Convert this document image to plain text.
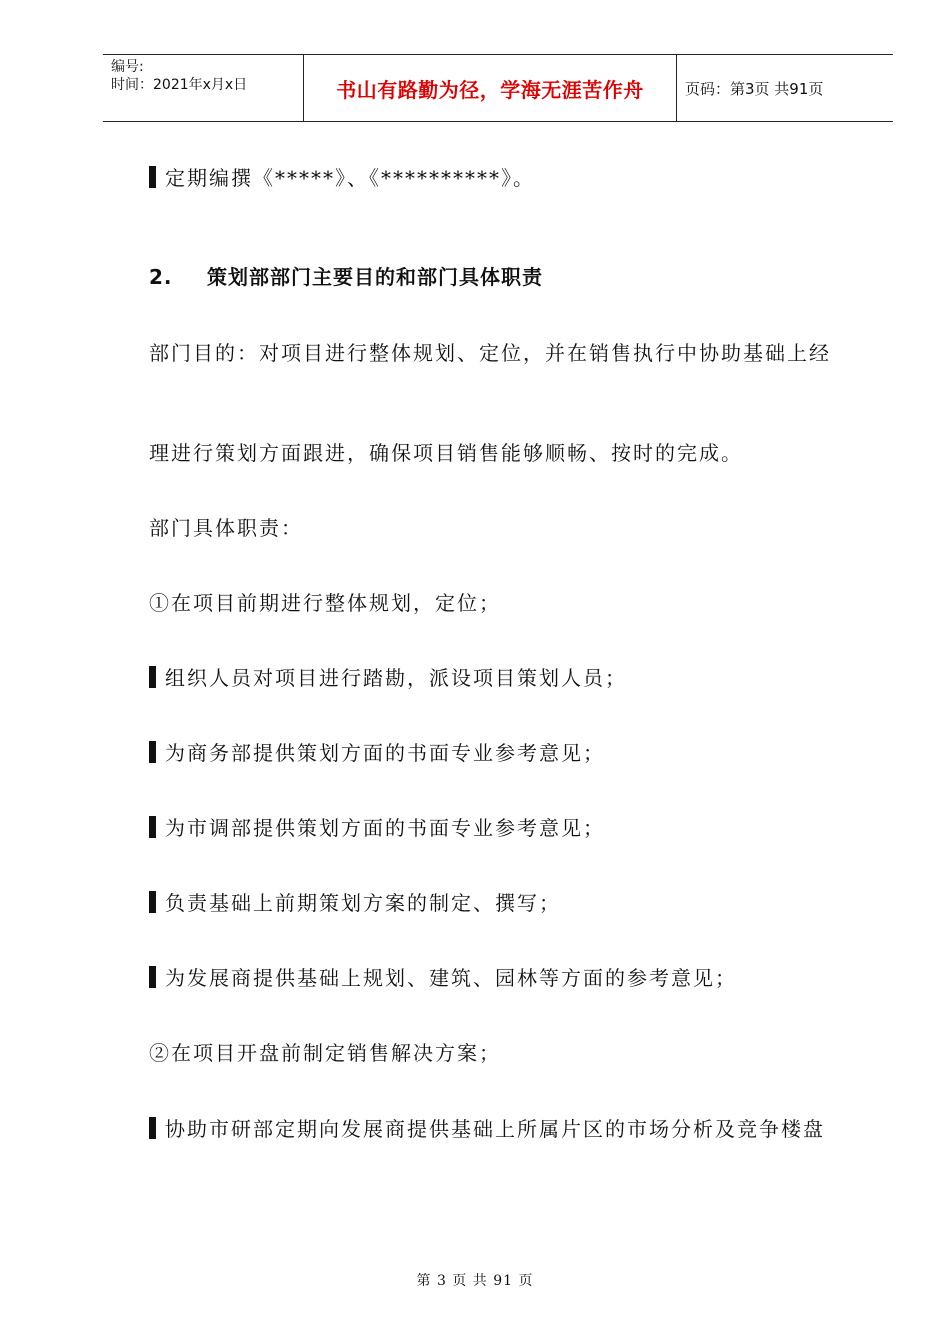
编号:
时间：2021年x月x日	书山有路勤为径，学海无涯苦作舟	页码：第3页 共91页
定期编撰《*****》、《**********》。
2. 策划部部门主要目的和部门具体职责
部门目的：对项目进行整体规划、定位，并在销售执行中协助基础上经
理进行策划方面跟进，确保项目销售能够顺畅、按时的完成。
部门具体职责：
①在项目前期进行整体规划，定位；
组织人员对项目进行踏勘，派设项目策划人员；
为商务部提供策划方面的书面专业参考意见；
为市调部提供策划方面的书面专业参考意见；
负责基础上前期策划方案的制定、撰写；
为发展商提供基础上规划、建筑、园林等方面的参考意见；
②在项目开盘前制定销售解决方案；
协助市研部定期向发展商提供基础上所属片区的市场分析及竞争楼盘
第 3 页 共 91 页
